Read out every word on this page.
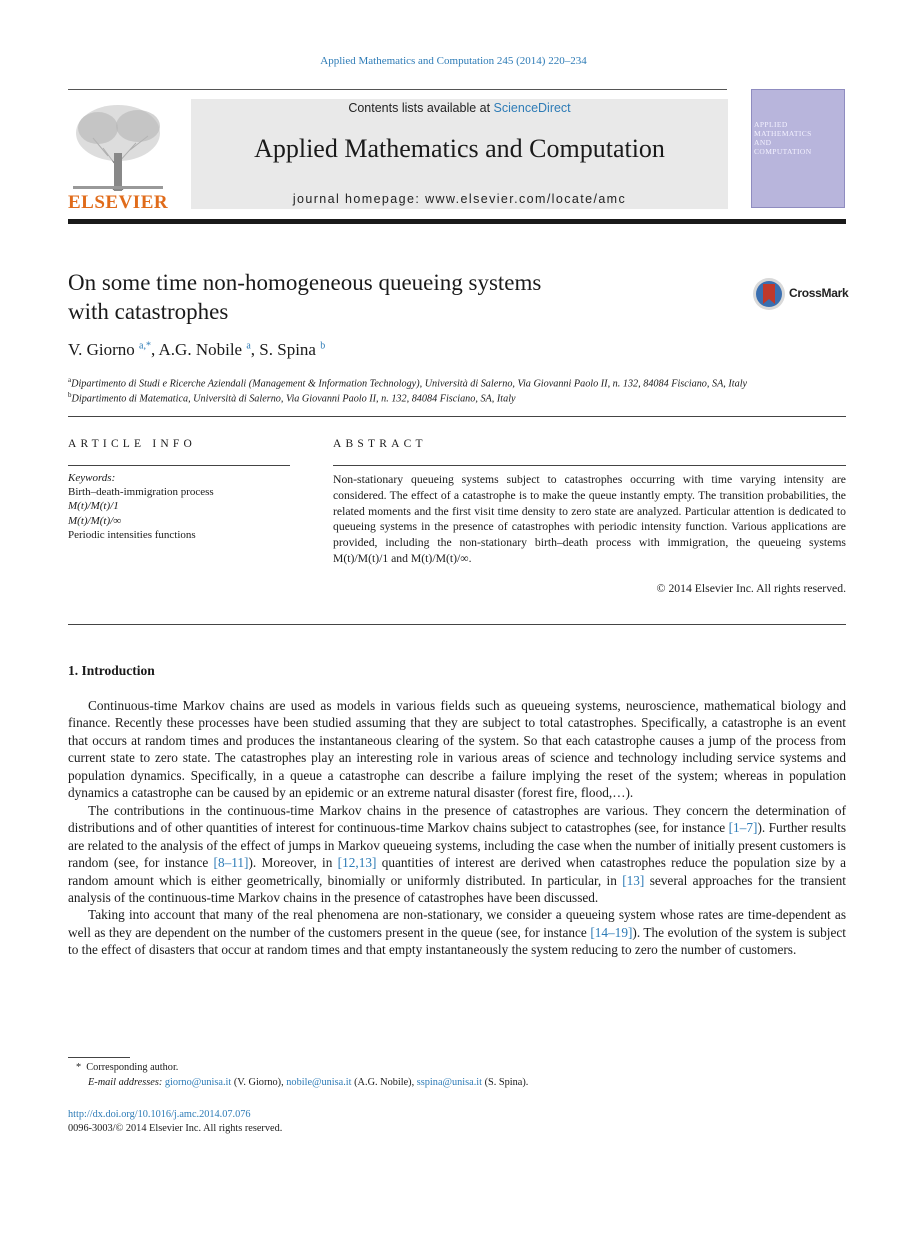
Applied Mathematics and Computation 245 (2014) 220–234
ELSEVIER
Contents lists available at ScienceDirect
Applied Mathematics and Computation
journal homepage: www.elsevier.com/locate/amc
APPLIED
MATHEMATICS
AND
COMPUTATION
On some time non-homogeneous queueing systems
with catastrophes
CrossMark
V. Giorno $^{a,*}$, A.G. Nobile $^a$, S. Spina $^b$
$^a$Dipartimento di Studi e Ricerche Aziendali (Management & Information Technology), Università di Salerno, Via Giovanni Paolo II, n. 132, 84084 Fisciano, SA, Italy
$^b$Dipartimento di Matematica, Università di Salerno, Via Giovanni Paolo II, n. 132, 84084 Fisciano, SA, Italy
ARTICLE INFO
Keywords:
Birth–death-immigration process
M(t)/M(t)/1
M(t)/M(t)/∞
Periodic intensities functions
ABSTRACT
Non-stationary queueing systems subject to catastrophes occurring with time varying intensity are considered. The effect of a catastrophe is to make the queue instantly empty. The transition probabilities, the related moments and the first visit time density to zero state are analyzed. Particular attention is dedicated to queueing systems in the presence of catastrophes with periodic intensity function. Various applications are provided, including the non-stationary birth–death process with immigration, the queueing systems M(t)/M(t)/1 and M(t)/M(t)/∞.
© 2014 Elsevier Inc. All rights reserved.
1. Introduction

Continuous-time Markov chains are used as models in various fields such as queueing systems, neuroscience, mathematical biology and finance. Recently these processes have been studied assuming that they are subject to total catastrophes. Specifically, a catastrophe is an event that occurs at random times and produces the instantaneous clearing of the system. So that each catastrophe causes a jump of the process from current state to zero state. The catastrophes play an interesting role in various areas of science and technology including service systems and population dynamics. Specifically, in a queue a catastrophe can describe a failure implying the reset of the system; whereas in population dynamics a catastrophe can be caused by an epidemic or an extreme natural disaster (forest fire, flood,…).

The contributions in the continuous-time Markov chains in the presence of catastrophes are various. They concern the determination of distributions and of other quantities of interest for continuous-time Markov chains subject to catastrophes (see, for instance [1–7]). Further results are related to the analysis of the effect of jumps in Markov queueing systems, including the case when the number of initially present customers is random (see, for instance [8–11]). Moreover, in [12,13] quantities of interest are derived when catastrophes reduce the population size by a random amount which is either geometrically, binomially or uniformly distributed. In particular, in [13] several approaches for the transient analysis of the continuous-time Markov chains in the presence of catastrophes have been discussed.

Taking into account that many of the real phenomena are non-stationary, we consider a queueing system whose rates are time-dependent as well as they are dependent on the number of the customers present in the queue (see, for instance [14–19]). The evolution of the system is subject to the effect of disasters that occur at random times and that empty instantaneously the system reducing to zero the number of customers.

*  Corresponding author.
E-mail addresses: giorno@unisa.it (V. Giorno), nobile@unisa.it (A.G. Nobile), sspina@unisa.it (S. Spina).
http://dx.doi.org/10.1016/j.amc.2014.07.076
0096-3003/© 2014 Elsevier Inc. All rights reserved.
